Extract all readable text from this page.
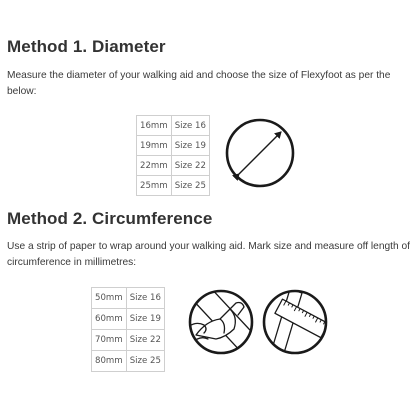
Method 1. Diameter

Measure the diameter of your walking aid and choose the size of Flexyfoot as per the below:

16mm	Size 16
19mm	Size 19
22mm	Size 22
25mm	Size 25
Method 2. Circumference

Use a strip of paper to wrap around your walking aid. Mark size and measure off length of circumference in millimetres:

50mm	Size 16
60mm	Size 19
70mm	Size 22
80mm	Size 25
